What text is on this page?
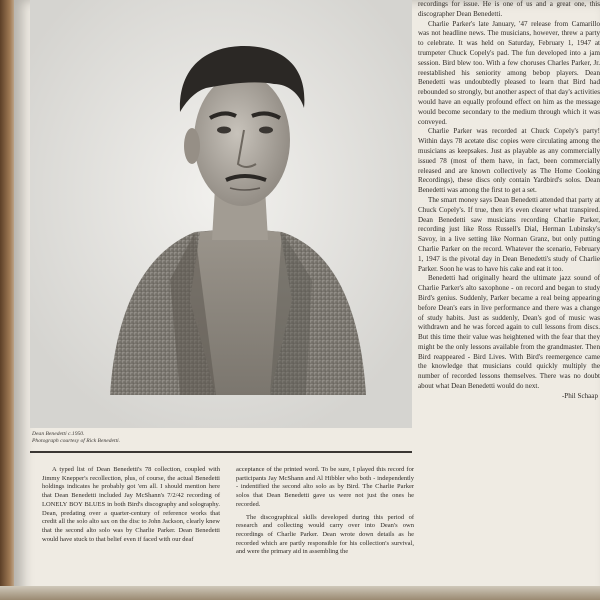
Dean Benedetti c.1950.
Photograph courtesy of Rick Benedetti.

recordings for issue. He is one of us and a great one, this discographer Dean Benedetti.

Charlie Parker's late January, '47 release from Camarillo was not headline news. The musicians, however, threw a party to celebrate. It was held on Saturday, February 1, 1947 at trumpeter Chuck Copely's pad. The fun developed into a jam session. Bird blew too. With a few choruses Charles Parker, Jr. reestablished his seniority among bebop players. Dean Benedetti was undoubtedly pleased to learn that Bird had rebounded so strongly, but another aspect of that day's activities would have an equally profound effect on him as the message would become secondary to the medium through which it was conveyed.

Charlie Parker was recorded at Chuck Copely's party! Within days 78 acetate disc copies were circulating among the musicians as keepsakes. Just as playable as any commercially issued 78 (most of them have, in fact, been commercially released and are known collectively as The Home Cooking Recordings), these discs only contain Yardbird's solos. Dean Benedetti was among the first to get a set.

The smart money says Dean Benedetti attended that party at Chuck Copely's. If true, then it's even clearer what transpired. Dean Benedetti saw musicians recording Charlie Parker, recording just like Ross Russell's Dial, Herman Lubinsky's Savoy, in a live setting like Norman Granz, but only putting Charlie Parker on the record. Whatever the scenario, February 1, 1947 is the pivotal day in Dean Benedetti's study of Charlie Parker. Soon he was to have his cake and eat it too.

Benedetti had originally heard the ultimate jazz sound of Charlie Parker's alto saxophone - on record and began to study Bird's genius. Suddenly, Parker became a real being appearing before Dean's ears in live performance and there was a change of study habits. Just as suddenly, Dean's god of music was withdrawn and he was forced again to cull lessons from discs. But this time their value was heightened with the fear that they might be the only lessons available from the grandmaster. Then Bird reappeared - Bird Lives. With Bird's reemergence came the knowledge that musicians could quickly multiply the number of recorded lessons themselves. There was no doubt about what Dean Benedetti would do next.

-Phil Schaap

A typed list of Dean Benedetti's 78 collection, coupled with Jimmy Knepper's recollection, plus, of course, the actual Benedetti holdings indicates he probably got 'em all. I should mention here that Dean Benedetti included Jay McShann's 7/2/42 recording of LONELY BOY BLUES in both Bird's discography and solography. Dean, predating over a quarter-century of reference works that credit all the solo alto sax on the disc to John Jackson, clearly knew that the second alto solo was by Charlie Parker. Dean Benedetti would have stuck to that belief even if faced with our deaf

acceptance of the printed word. To be sure, I played this record for participants Jay McShann and Al Hibbler who both - independently - indentified the second alto solo as by Bird. The Charlie Parker solos that Dean Benedetti gave us were not just the ones he recorded.

The discographical skills developed during this period of research and collecting would carry over into Dean's own recordings of Charlie Parker. Dean wrote down details as he recorded which are partly responsible for his collection's survival, and were the primary aid in assembling the
